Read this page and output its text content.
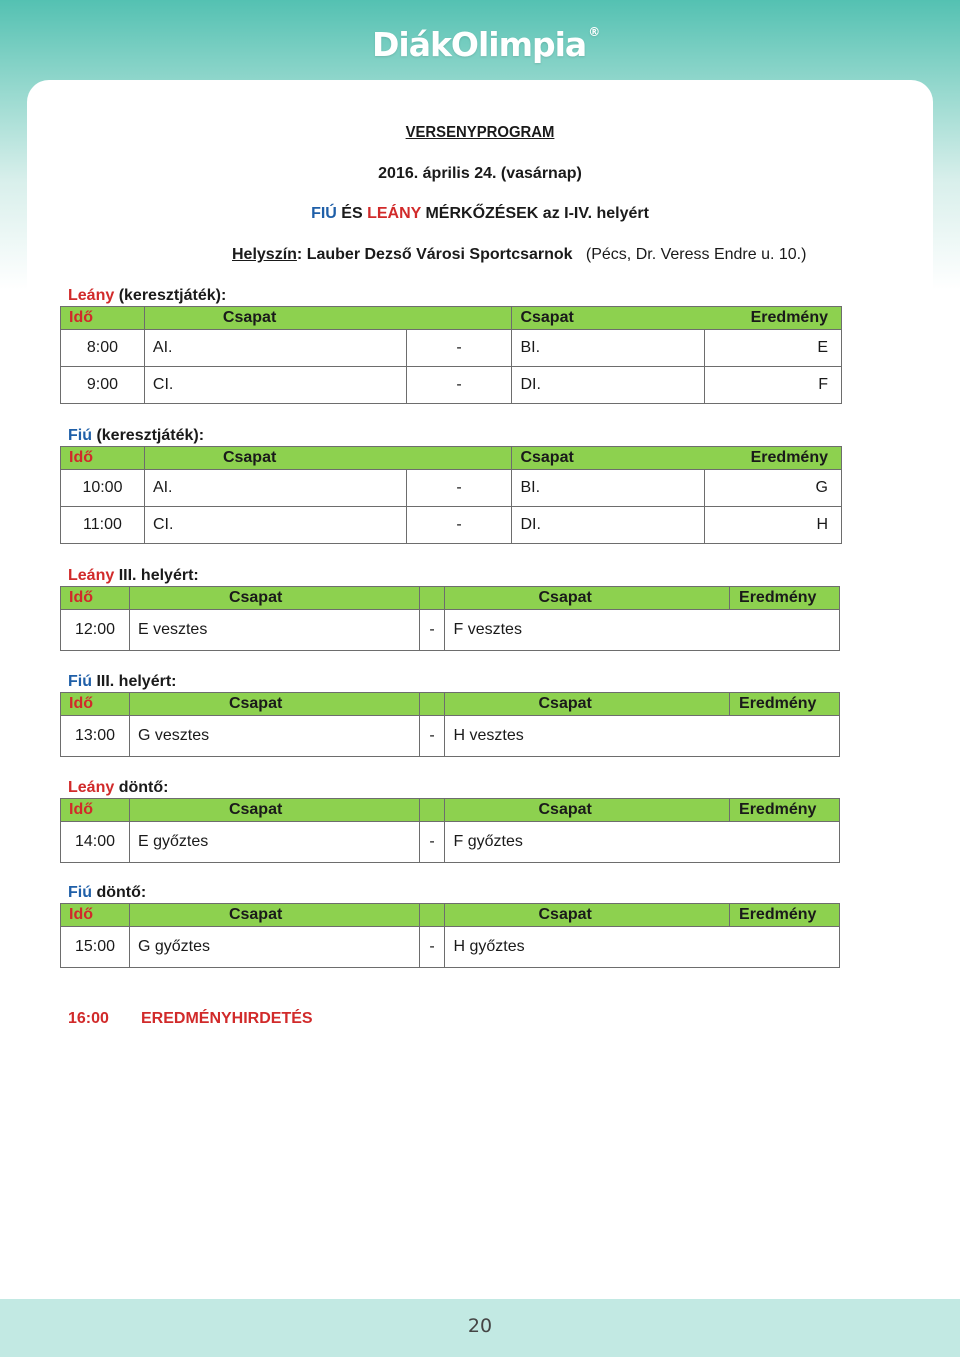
DiákOlimpia ®
VERSENYPROGRAM
2016. április 24. (vasárnap)
FIÚ ÉS LEÁNY MÉRKŐZÉSEK az I-IV. helyért
Helyszín: Lauber Dezső Városi Sportcsarnok (Pécs, Dr. Veress Endre u. 10.)
Leány (keresztjáték):
Idő	Csapat		Csapat Eredmény	

8:00	AI.	-	BI.	E
9:00	CI.	-	DI.	F
Fiú (keresztjáték):
Idő	Csapat		Csapat Eredmény	

10:00	AI.	-	BI.	G
11:00	CI.	-	DI.	H
Leány III. helyért:
Idő	Csapat		Csapat	Eredmény
12:00	E vesztes	-	F vesztes	
Fiú III. helyért:
Idő	Csapat		Csapat	Eredmény
13:00	G vesztes	-	H vesztes	
Leány döntő:
Idő	Csapat		Csapat	Eredmény
14:00	E győztes	-	F győztes	
Fiú döntő:
Idő	Csapat		Csapat	Eredmény
15:00	G győztes	-	H győztes	
16:00 EREDMÉNYHIRDETÉS
20
